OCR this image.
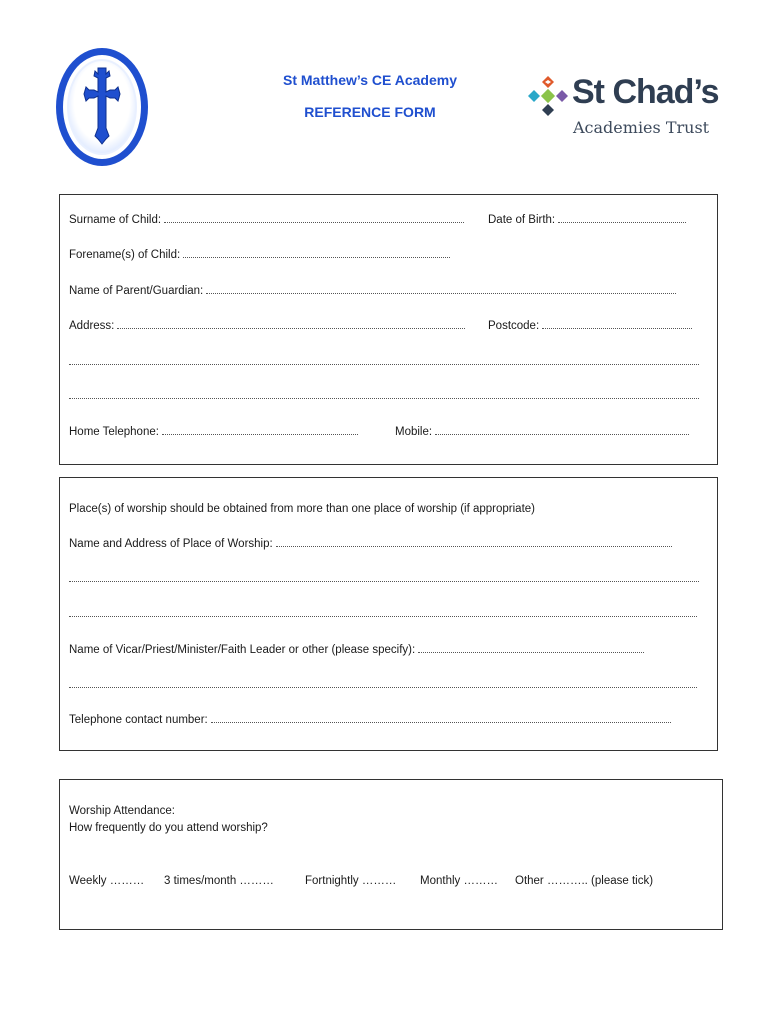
St Matthew’s CE Academy
REFERENCE FORM
St Chad’s
Academies Trust
Surname of Child:	Date of Birth:
Forename(s) of Child:
Name of Parent/Guardian:
Address:	Postcode:
Home Telephone:	Mobile:
Place(s) of worship should be obtained from more than one place of worship (if appropriate)
Name and Address of Place of Worship:
Name of Vicar/Priest/Minister/Faith Leader or other (please specify):
Telephone contact number:
Worship Attendance:
How frequently do you attend worship?
Weekly ……… 3 times/month ………	Fortnightly ……… Monthly ……… Other ……….. (please tick)
